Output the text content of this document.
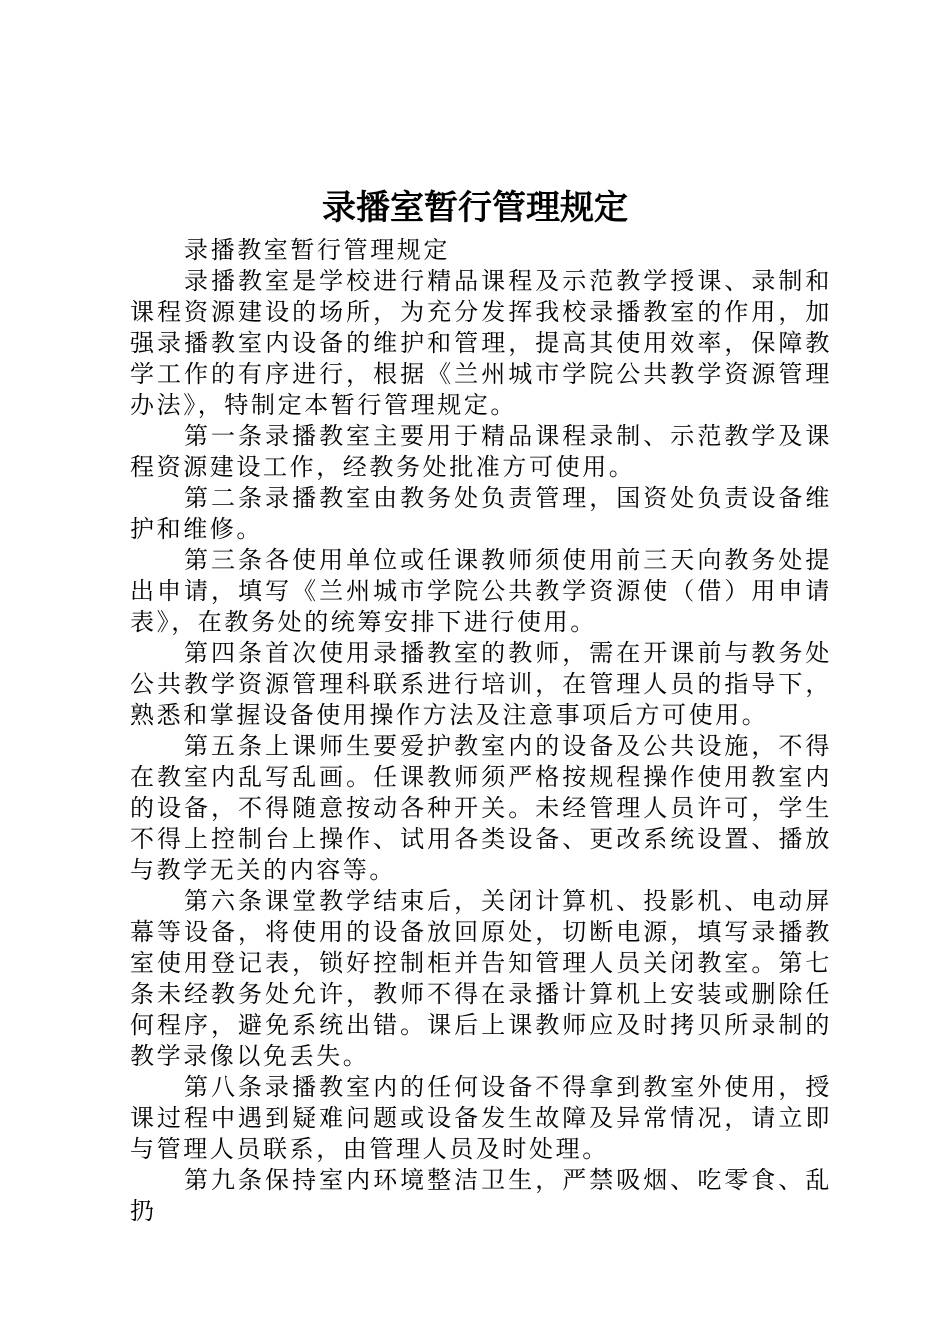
录播室暂行管理规定

录播教室暂行管理规定

录播教室是学校进行精品课程及示范教学授课、录制和课程资源建设的场所，为充分发挥我校录播教室的作用，加强录播教室内设备的维护和管理，提高其使用效率，保障教学工作的有序进行，根据《兰州城市学院公共教学资源管理办法》，特制定本暂行管理规定。

第一条录播教室主要用于精品课程录制、示范教学及课程资源建设工作，经教务处批准方可使用。

第二条录播教室由教务处负责管理，国资处负责设备维护和维修。

第三条各使用单位或任课教师须使用前三天向教务处提出申请，填写《兰州城市学院公共教学资源使（借）用申请表》，在教务处的统筹安排下进行使用。

第四条首次使用录播教室的教师，需在开课前与教务处公共教学资源管理科联系进行培训，在管理人员的指导下，熟悉和掌握设备使用操作方法及注意事项后方可使用。

第五条上课师生要爱护教室内的设备及公共设施，不得在教室内乱写乱画。任课教师须严格按规程操作使用教室内的设备，不得随意按动各种开关。未经管理人员许可，学生不得上控制台上操作、试用各类设备、更改系统设置、播放与教学无关的内容等。

第六条课堂教学结束后，关闭计算机、投影机、电动屏幕等设备，将使用的设备放回原处，切断电源，填写录播教室使用登记表，锁好控制柜并告知管理人员关闭教室。第七条未经教务处允许，教师不得在录播计算机上安装或删除任何程序，避免系统出错。课后上课教师应及时拷贝所录制的教学录像以免丢失。

第八条录播教室内的任何设备不得拿到教室外使用，授课过程中遇到疑难问题或设备发生故障及异常情况，请立即与管理人员联系，由管理人员及时处理。

第九条保持室内环境整洁卫生，严禁吸烟、吃零食、乱扔
